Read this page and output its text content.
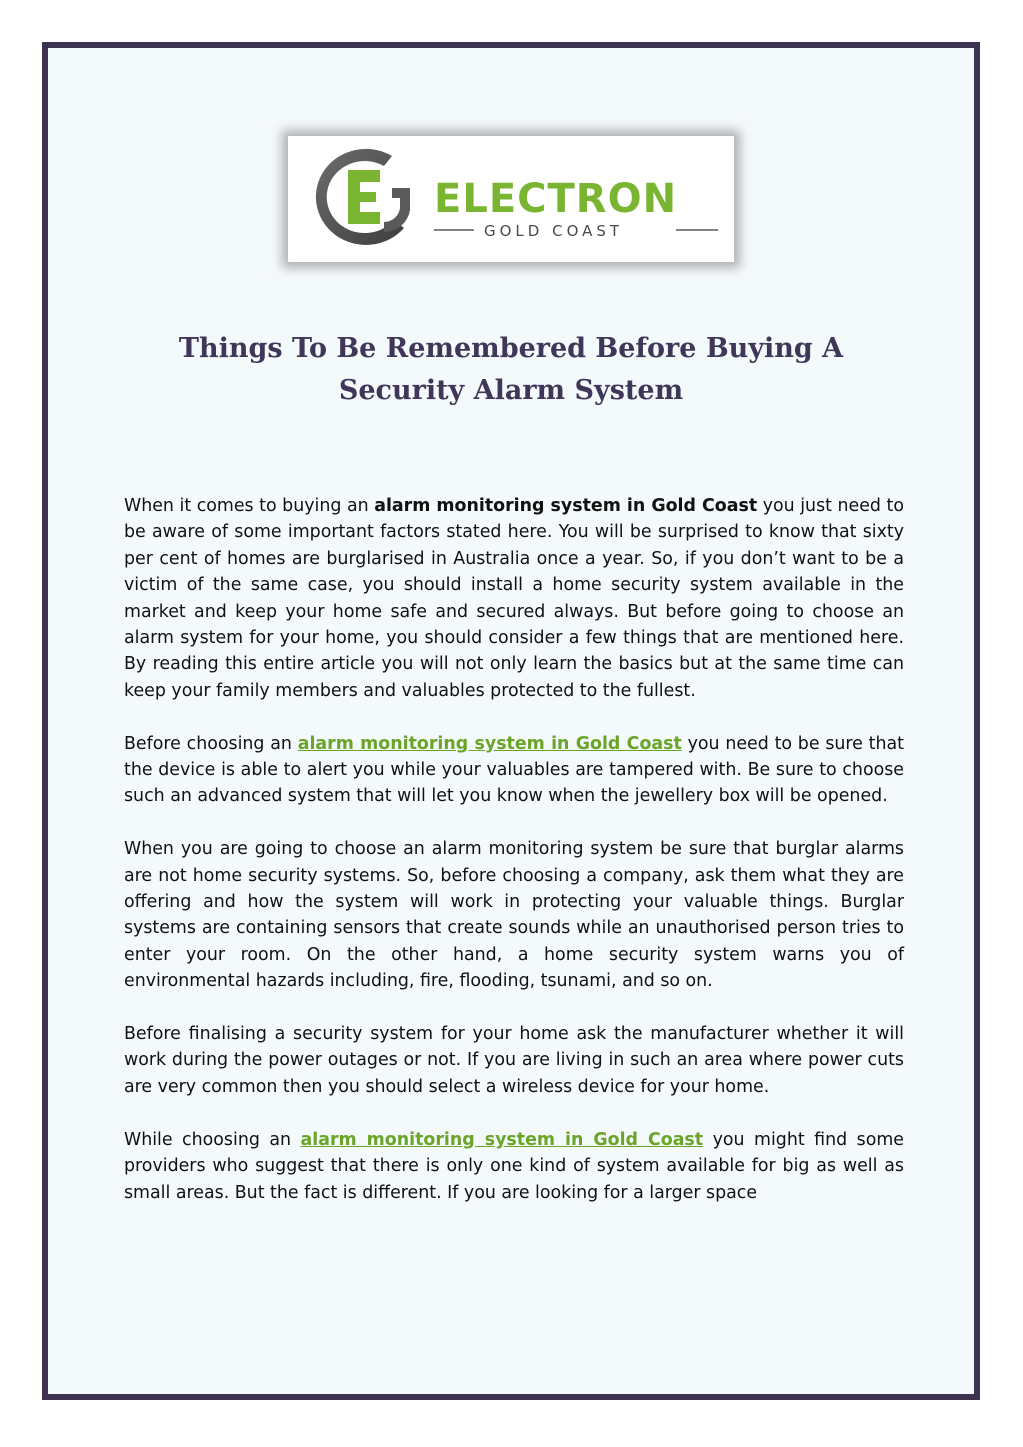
ELECTRON
GOLD COAST
Things To Be Remembered Before Buying A
Security Alarm System

When it comes to buying an alarm monitoring system in Gold Coast you just need to be aware of some important factors stated here. You will be surprised to know that sixty per cent of homes are burglarised in Australia once a year. So, if you don’t want to be a victim of the same case, you should install a home security system available in the market and keep your home safe and secured always. But before going to choose an alarm system for your home, you should consider a few things that are mentioned here. By reading this entire article you will not only learn the basics but at the same time can keep your family members and valuables protected to the fullest.

Before choosing an alarm monitoring system in Gold Coast you need to be sure that the device is able to alert you while your valuables are tampered with. Be sure to choose such an advanced system that will let you know when the jewellery box will be opened.

When you are going to choose an alarm monitoring system be sure that burglar alarms are not home security systems. So, before choosing a company, ask them what they are offering and how the system will work in protecting your valuable things. Burglar systems are containing sensors that create sounds while an unauthorised person tries to enter your room. On the other hand, a home security system warns you of environmental hazards including, fire, flooding, tsunami, and so on.

Before finalising a security system for your home ask the manufacturer whether it will work during the power outages or not. If you are living in such an area where power cuts are very common then you should select a wireless device for your home.

While choosing an alarm monitoring system in Gold Coast you might find some providers who suggest that there is only one kind of system available for big as well as small areas. But the fact is different. If you are looking for a larger space
